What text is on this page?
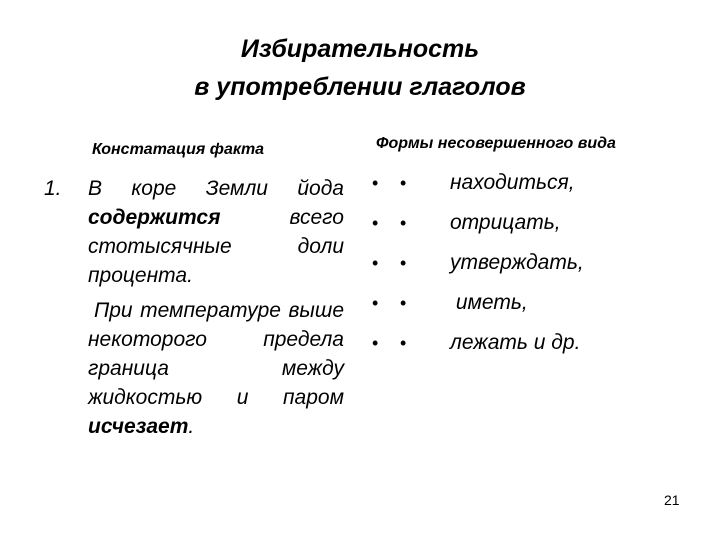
Избирательность
в употреблении глаголов
Констатация факта
1. В коре Земли йода содержится всего стотысячные доли процента.

При температуре выше некоторого предела граница между жидкостью и паром исчезает.

Формы несовершенного вида
• • находиться,
• • отрицать,
• • утверждать,
• • иметь,
• • лежать и др.
21
